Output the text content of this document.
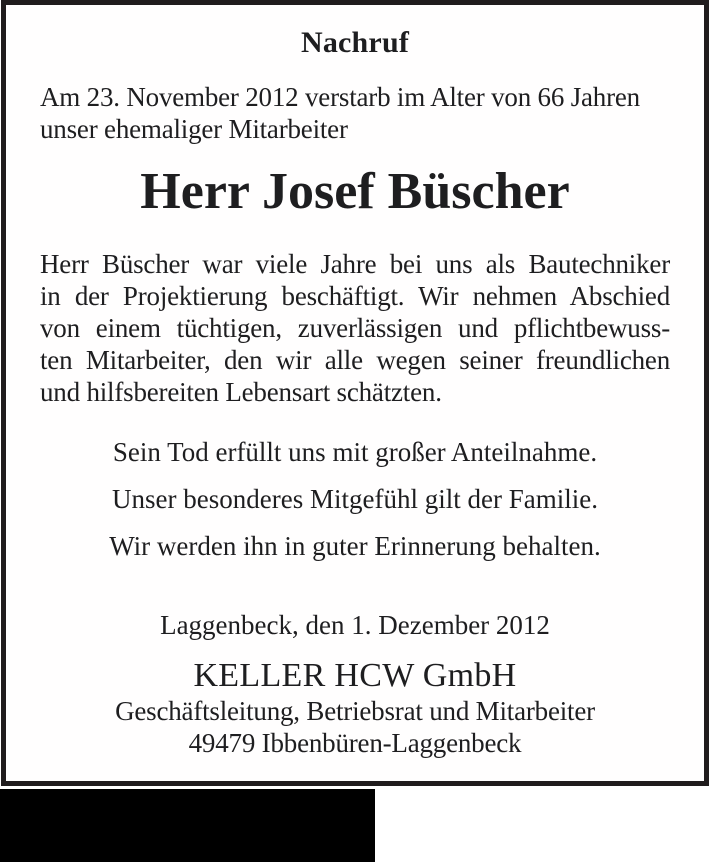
Nachruf
Am 23. November 2012 verstarb im Alter von 66 Jahren
unser ehemaliger Mitarbeiter
Herr Josef Büscher
Herr Büscher war viele Jahre bei uns als Bautechniker
in der Projektierung beschäftigt. Wir nehmen Abschied
von einem tüchtigen, zuverlässigen und pflichtbewuss-
ten Mitarbeiter, den wir alle wegen seiner freundlichen
und hilfsbereiten Lebensart schätzten.
Sein Tod erfüllt uns mit großer Anteilnahme.
Unser besonderes Mitgefühl gilt der Familie.
Wir werden ihn in guter Erinnerung behalten.
Laggenbeck, den 1. Dezember 2012
KELLER HCW GmbH
Geschäftsleitung, Betriebsrat und Mitarbeiter
49479 Ibbenbüren-Laggenbeck
